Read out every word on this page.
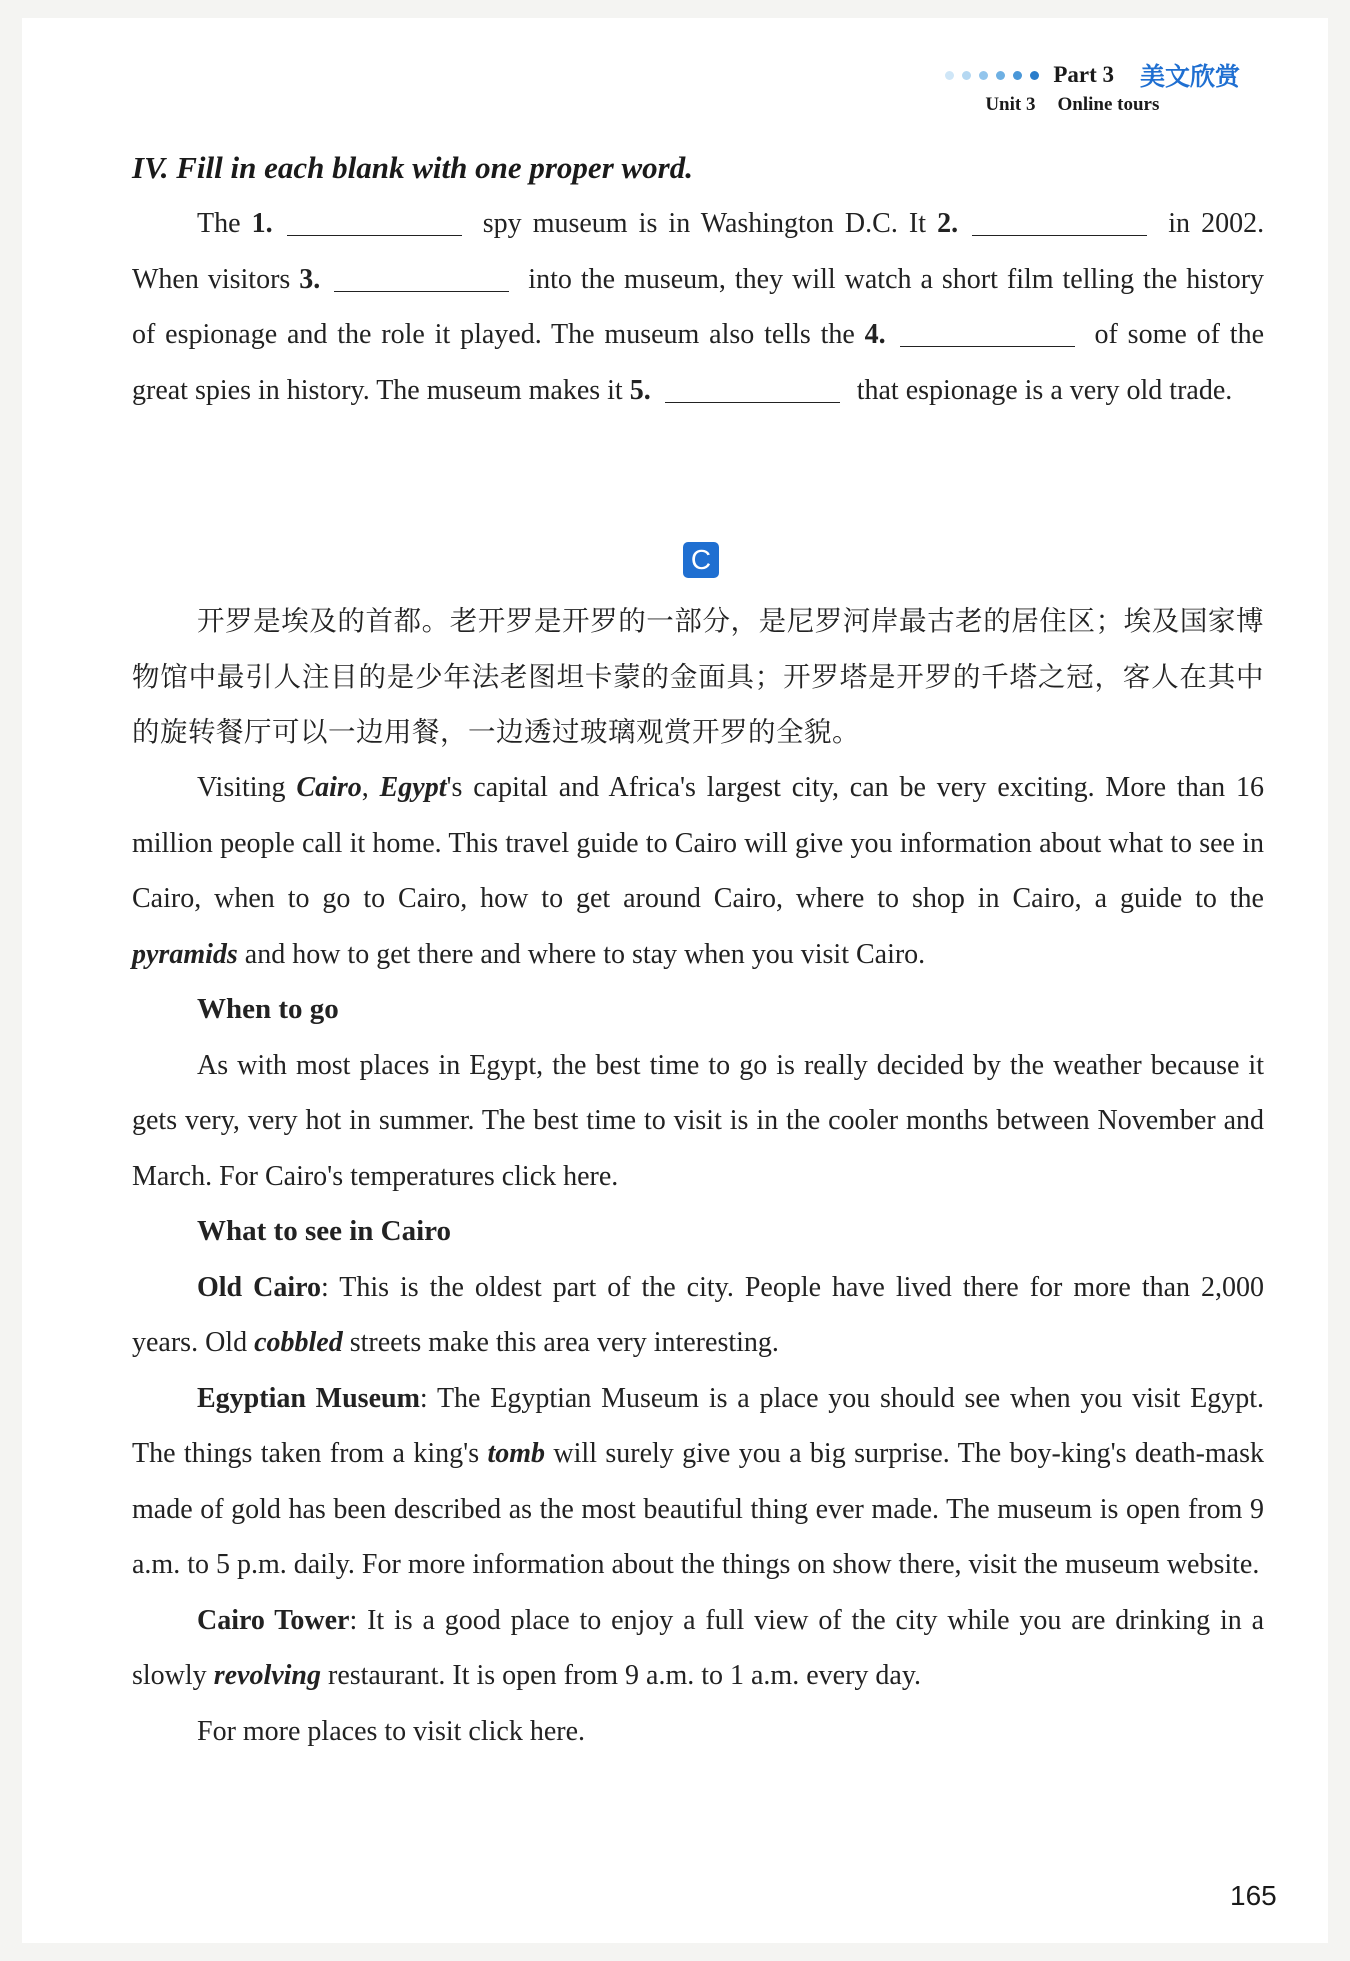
Part 3 美文欣赏
Unit 3 Online tours
IV. Fill in each blank with one proper word.

The 1.	spy museum is in Washington D.C. It 2.	in 2002. When visitors 3.	into the museum, they will watch a short film telling the history of espionage and the role it played. The museum also tells the 4.	of some of the great spies in history. The museum makes it 5.	that espionage is a very old trade.

C

开罗是埃及的首都。老开罗是开罗的一部分，是尼罗河岸最古老的居住区；埃及国家博物馆中最引人注目的是少年法老图坦卡蒙的金面具；开罗塔是开罗的千塔之冠，客人在其中的旋转餐厅可以一边用餐，一边透过玻璃观赏开罗的全貌。

Visiting Cairo, Egypt's capital and Africa's largest city, can be very exciting. More than 16 million people call it home. This travel guide to Cairo will give you information about what to see in Cairo, when to go to Cairo, how to get around Cairo, where to shop in Cairo, a guide to the pyramids and how to get there and where to stay when you visit Cairo.

When to go

As with most places in Egypt, the best time to go is really decided by the weather because it gets very, very hot in summer. The best time to visit is in the cooler months between November and March. For Cairo's temperatures click here.

What to see in Cairo

Old Cairo: This is the oldest part of the city. People have lived there for more than 2,000 years. Old cobbled streets make this area very interesting.

Egyptian Museum: The Egyptian Museum is a place you should see when you visit Egypt. The things taken from a king's tomb will surely give you a big surprise. The boy-king's death-mask made of gold has been described as the most beautiful thing ever made. The museum is open from 9 a.m. to 5 p.m. daily. For more information about the things on show there, visit the museum website.

Cairo Tower: It is a good place to enjoy a full view of the city while you are drinking in a slowly revolving restaurant. It is open from 9 a.m. to 1 a.m. every day.

For more places to visit click here.

165
